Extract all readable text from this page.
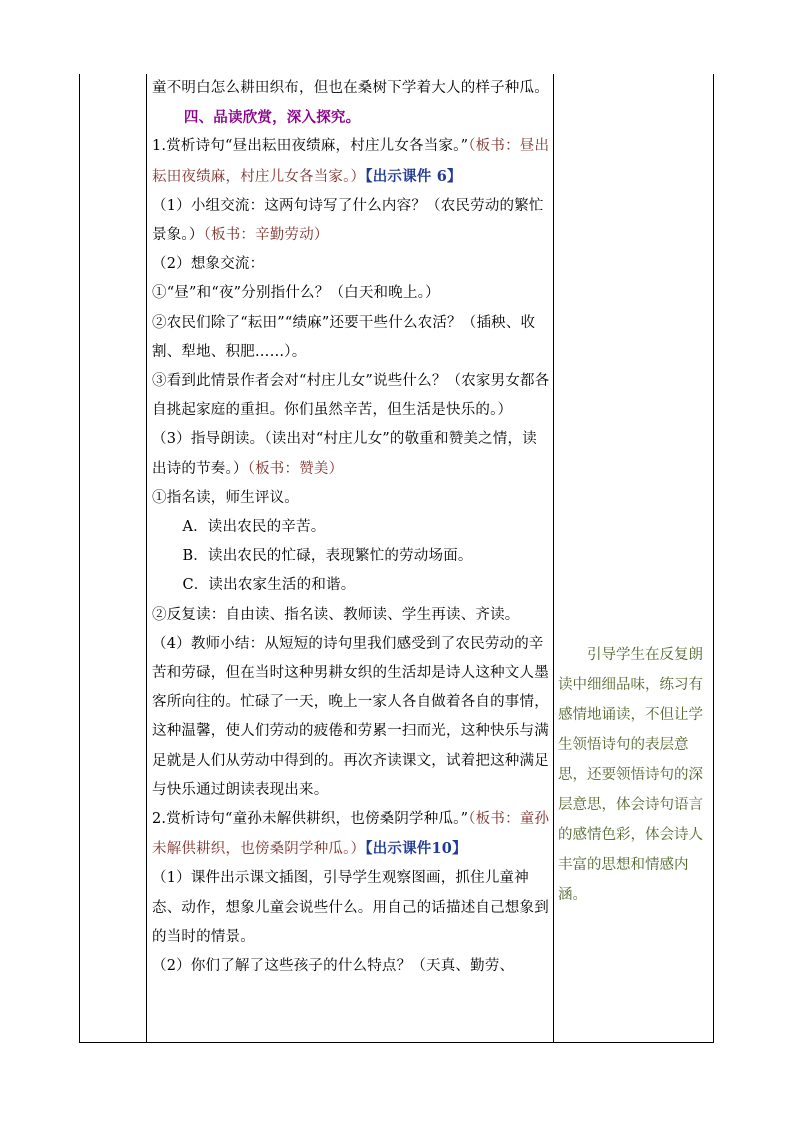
童不明白怎么耕田织布，但也在桑树下学着大人的样子种瓜。

四、品读欣赏，深入探究。

1.赏析诗句“昼出耘田夜绩麻，村庄儿女各当家。”（板书：昼出耘田夜绩麻，村庄儿女各当家。）【出示课件 6】

（1）小组交流：这两句诗写了什么内容？（农民劳动的繁忙景象。）（板书：辛勤劳动）

（2）想象交流：

①“昼”和“夜”分别指什么？（白天和晚上。）

②农民们除了“耘田”“绩麻”还要干些什么农活？（插秧、收割、犁地、积肥……）。

③看到此情景作者会对“村庄儿女”说些什么？（农家男女都各自挑起家庭的重担。你们虽然辛苦，但生活是快乐的。）

（3）指导朗读。（读出对“村庄儿女”的敬重和赞美之情，读出诗的节奏。）（板书：赞美）

①指名读，师生评议。

A．读出农民的辛苦。

B．读出农民的忙碌，表现繁忙的劳动场面。

C．读出农家生活的和谐。

②反复读：自由读、指名读、教师读、学生再读、齐读。

（4）教师小结：从短短的诗句里我们感受到了农民劳动的辛苦和劳碌，但在当时这种男耕女织的生活却是诗人这种文人墨客所向往的。忙碌了一天，晚上一家人各自做着各自的事情，这种温馨，使人们劳动的疲倦和劳累一扫而光，这种快乐与满足就是人们从劳动中得到的。再次齐读课文，试着把这种满足与快乐通过朗读表现出来。

2.赏析诗句“童孙未解供耕织，也傍桑阴学种瓜。”（板书：童孙未解供耕织，也傍桑阴学种瓜。）【出示课件10】

（1）课件出示课文插图，引导学生观察图画，抓住儿童神态、动作，想象儿童会说些什么。用自己的话描述自己想象到的当时的情景。

（2）你们了解了这些孩子的什么特点？（天真、勤劳、

引导学生在反复朗读中细细品味，练习有感情地诵读，不但让学生领悟诗句的表层意思，还要领悟诗句的深层意思，体会诗句语言的感情色彩，体会诗人丰富的思想和情感内涵。
